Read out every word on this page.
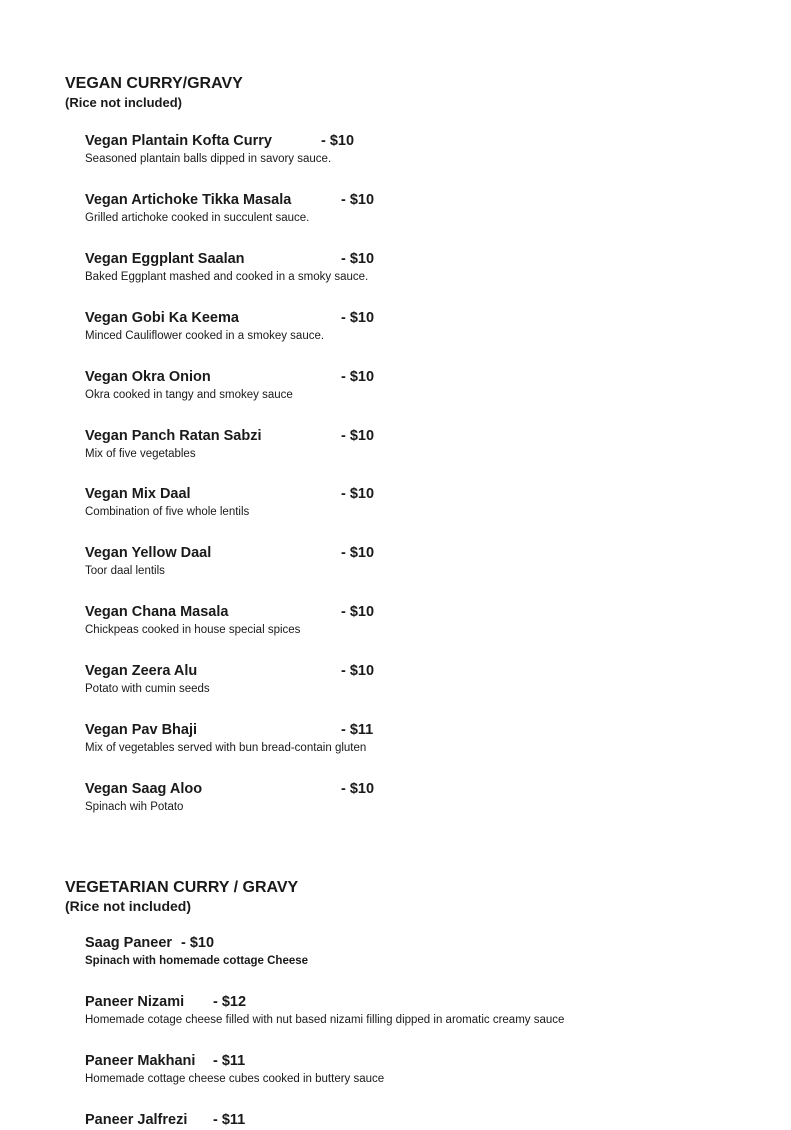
VEGAN CURRY/GRAVY
(Rice not included)
Vegan Plantain Kofta Curry	- $10
Seasoned plantain balls dipped in savory sauce.
Vegan Artichoke Tikka Masala	- $10
Grilled artichoke cooked in succulent sauce.
Vegan Eggplant Saalan	- $10
Baked Eggplant mashed and cooked in a smoky sauce.
Vegan Gobi Ka Keema	- $10
Minced Cauliflower cooked in a smokey sauce.
Vegan Okra Onion	- $10
Okra cooked in tangy and smokey sauce
Vegan Panch Ratan Sabzi	- $10
Mix of five vegetables
Vegan Mix Daal	- $10
Combination of five whole lentils
Vegan Yellow Daal	- $10
Toor daal lentils
Vegan Chana Masala	- $10
Chickpeas cooked in house special spices
Vegan Zeera Alu	- $10
Potato with cumin seeds
Vegan Pav Bhaji	- $11
Mix of vegetables served with bun bread-contain gluten
Vegan Saag Aloo	- $10
Spinach wih Potato
VEGETARIAN CURRY / GRAVY
(Rice not included)
Saag Paneer - $10
Spinach with homemade cottage Cheese
Paneer Nizami - $12
Homemade cotage cheese filled with nut based nizami filling dipped in aromatic creamy sauce
Paneer Makhani - $11
Homemade cottage cheese cubes cooked in buttery sauce
Paneer Jalfrezi - $11
